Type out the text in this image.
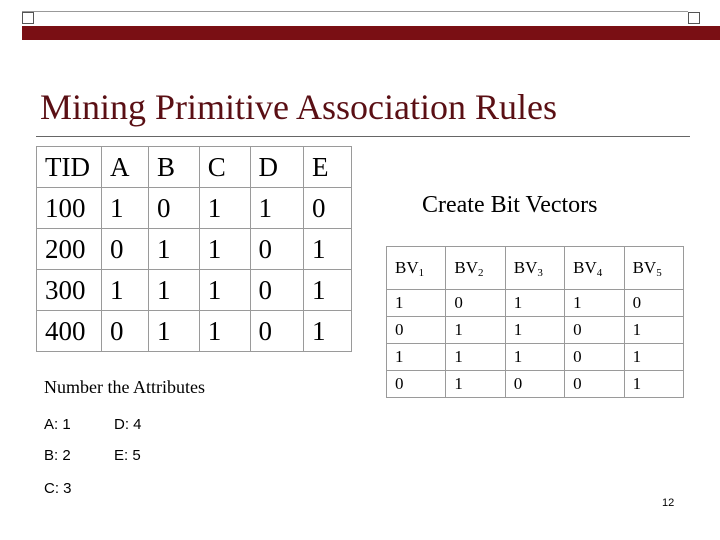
Mining Primitive Association Rules
TID	A	B	C	D	E
100	1	0	1	1	0
200	0	1	1	0	1
300	1	1	1	0	1
400	0	1	1	0	1
Create Bit Vectors
$BV_1$	$BV_2$	$BV_3$	$BV_4$	$BV_5$
1	0	1	1	0
0	1	1	0	1
1	1	1	0	1
0	1	0	0	1
Number the Attributes
A: 1	D: 4
B: 2	E: 5
C: 3
12
